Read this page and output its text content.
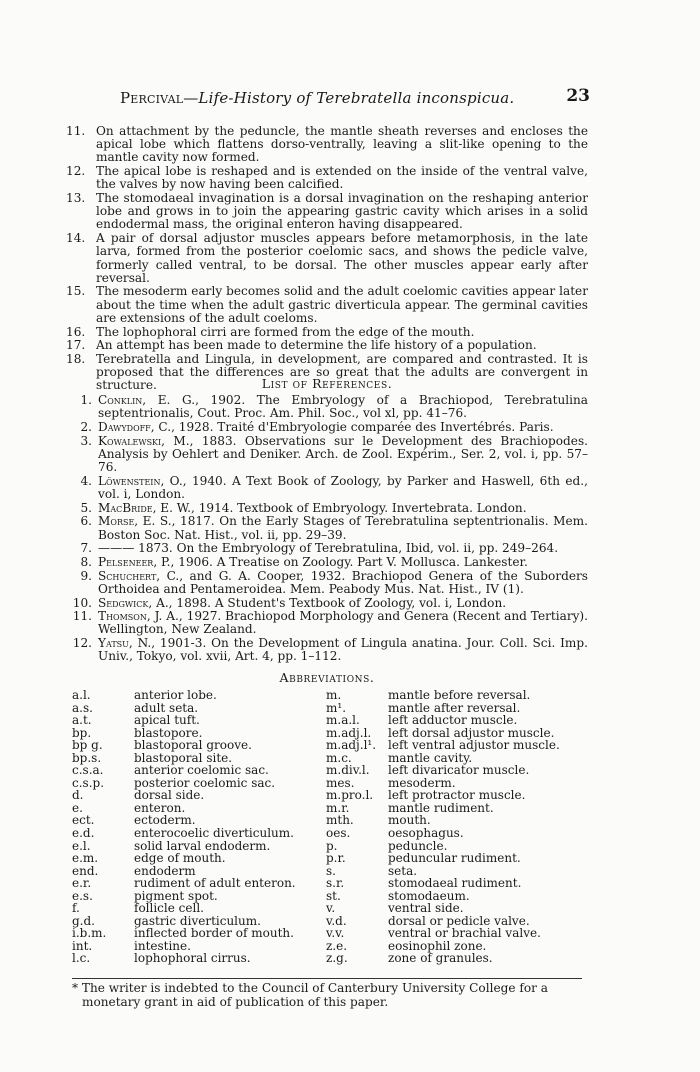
Percival—Life-History of Terebratella inconspicua.	23
11. On attachment by the peduncle, the mantle sheath reverses and encloses the apical lobe which flattens dorso-ventrally, leaving a slit-like opening to the mantle cavity now formed.

12. The apical lobe is reshaped and is extended on the inside of the ventral valve, the valves by now having been calcified.

13. The stomodaeal invagination is a dorsal invagination on the reshaping anterior lobe and grows in to join the appearing gastric cavity which arises in a solid endodermal mass, the original enteron having disappeared.

14. A pair of dorsal adjustor muscles appears before metamorphosis, in the late larva, formed from the posterior coelomic sacs, and shows the pedicle valve, formerly called ventral, to be dorsal. The other muscles appear early after reversal.

15. The mesoderm early becomes solid and the adult coelomic cavities appear later about the time when the adult gastric diverticula appear. The germinal cavities are extensions of the adult coeloms.

16. The lophophoral cirri are formed from the edge of the mouth.

17. An attempt has been made to determine the life history of a population.

18. Terebratella and Lingula, in development, are compared and contrasted. It is proposed that the differences are so great that the adults are convergent in structure.	List of References.
1. Conklin, E. G., 1902. The Embryology of a Brachiopod, Terebratulina septentrionalis, Cout. Proc. Am. Phil. Soc., vol xl, pp. 41–76.

2. Dawydoff, C., 1928. Traité d'Embryologie comparée des Invertébrés. Paris.

3. Kowalewski, M., 1883. Observations sur le Development des Brachiopodes. Analysis by Oehlert and Deniker. Arch. de Zool. Expérim., Ser. 2, vol. i, pp. 57–76.

4. Löwenstein, O., 1940. A Text Book of Zoology, by Parker and Haswell, 6th ed., vol. i, London.

5. MacBride, E. W., 1914. Textbook of Embryology. Invertebrata. London.

6. Morse, E. S., 1817. On the Early Stages of Terebratulina septentrionalis. Mem. Boston Soc. Nat. Hist., vol. ii, pp. 29–39.

7. ——— 1873. On the Embryology of Terebratulina, Ibid, vol. ii, pp. 249–264.

8. Pelseneer, P., 1906. A Treatise on Zoology. Part V. Mollusca. Lankester.

9. Schuchert, C., and G. A. Cooper, 1932. Brachiopod Genera of the Suborders Orthoidea and Pentameroidea. Mem. Peabody Mus. Nat. Hist., IV (1).

10. Sedgwick, A., 1898. A Student's Textbook of Zoology, vol. i, London.

11. Thomson, J. A., 1927. Brachiopod Morphology and Genera (Recent and Tertiary). Wellington, New Zealand.

12. Yatsu, N., 1901-3. On the Development of Lingula anatina. Jour. Coll. Sci. Imp. Univ., Tokyo, vol. xvii, Art. 4, pp. 1–112.

Abbreviations.
a.l.	anterior lobe.
a.s.	adult seta.
a.t.	apical tuft.
bp.	blastopore.
bp g.	blastoporal groove.
bp.s.	blastoporal site.
c.s.a.	anterior coelomic sac.
c.s.p. posterior coelomic sac.
d.	dorsal side.
e.	enteron.
ect.	ectoderm.
e.d.	enterocoelic diverticulum.
e.l.	solid larval endoderm.
e.m.	edge of mouth.
end.	endoderm
e.r.	rudiment of adult enteron.
e.s.	pigment spot.
f.	follicle cell.
g.d.	gastric diverticulum.
i.b.m. inflected border of mouth.
int.	intestine.
l.c.	lophophoral cirrus.
m.	mantle before reversal.
m¹.	mantle after reversal.
m.a.l. left adductor muscle.
m.adj.l. left dorsal adjustor muscle.
m.adj.l¹. left ventral adjustor muscle.
m.c.	mantle cavity.
m.div.l. left divaricator muscle.
mes.	mesoderm.
m.pro.l. left protractor muscle.
m.r.	mantle rudiment.
mth.	mouth.
oes.	oesophagus.
p.	peduncle.
p.r.	peduncular rudiment.
s.	seta.
s.r.	stomodaeal rudiment.
st.	stomodaeum.
v.	ventral side.
v.d.	dorsal or pedicle valve.
v.v.	ventral or brachial valve.
z.e.	eosinophil zone.
z.g.	zone of granules.

* The writer is indebted to the Council of Canterbury University College for a monetary grant in aid of publication of this paper.
